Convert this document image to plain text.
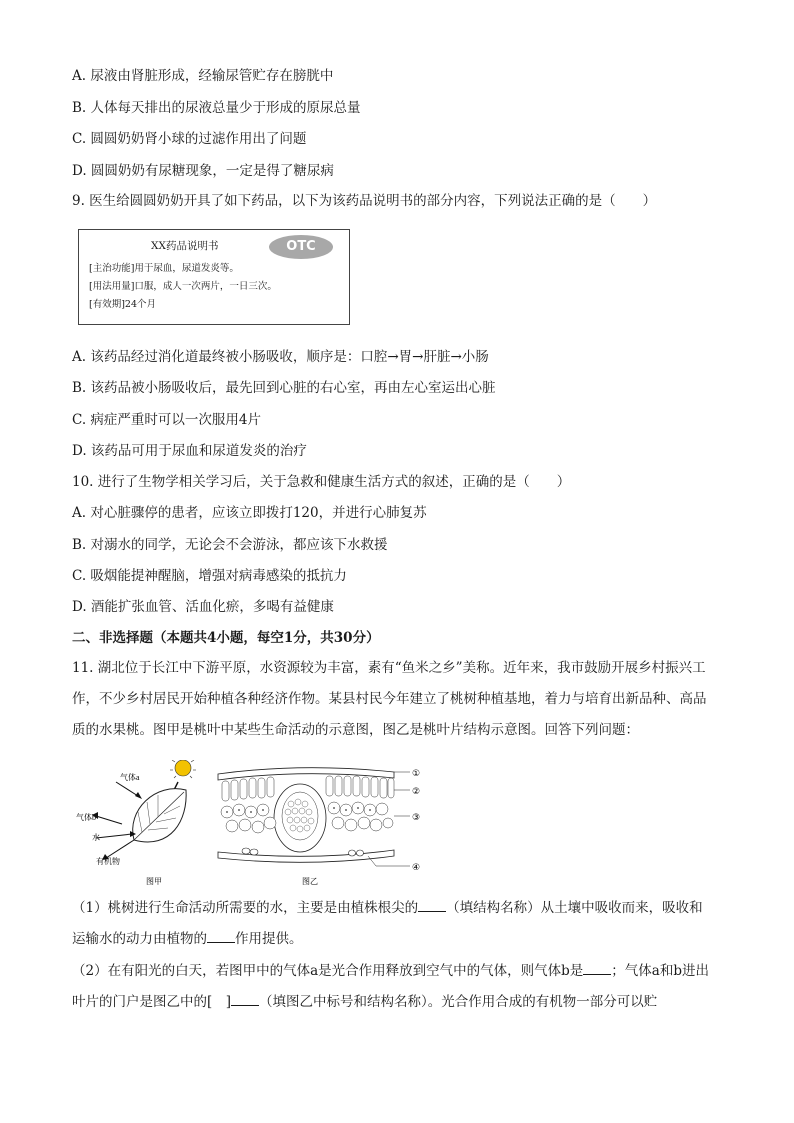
A. 尿液由肾脏形成，经输尿管贮存在膀胱中
B. 人体每天排出的尿液总量少于形成的原尿总量
C. 圆圆奶奶肾小球的过滤作用出了问题
D. 圆圆奶奶有尿糖现象，一定是得了糖尿病
9. 医生给圆圆奶奶开具了如下药品，以下为该药品说明书的部分内容，下列说法正确的是（　　）
XX药品说明书	OTC
[主治功能]用于尿血，尿道发炎等。
[用法用量]口服，成人一次两片，一日三次。
[有效期]24个月
A. 该药品经过消化道最终被小肠吸收，顺序是：口腔→胃→肝脏→小肠
B. 该药品被小肠吸收后，最先回到心脏的右心室，再由左心室运出心脏
C. 病症严重时可以一次服用4片
D. 该药品可用于尿血和尿道发炎的治疗
10. 进行了生物学相关学习后，关于急救和健康生活方式的叙述，正确的是（　　）
A. 对心脏骤停的患者，应该立即拨打120，并进行心肺复苏
B. 对溺水的同学，无论会不会游泳，都应该下水救援
C. 吸烟能提神醒脑，增强对病毒感染的抵抗力
D. 酒能扩张血管、活血化瘀，多喝有益健康
二、非选择题（本题共4小题，每空1分，共30分）
11. 湖北位于长江中下游平原，水资源较为丰富，素有“鱼米之乡”美称。近年来，我市鼓励开展乡村振兴工作，不少乡村居民开始种植各种经济作物。某县村民今年建立了桃树种植基地，着力与培育出新品种、高品质的水果桃。图甲是桃叶中某些生命活动的示意图，图乙是桃叶片结构示意图。回答下列问题：
气体a
气体b
水
有机物
图甲
①
②
③
④
图乙
（1）桃树进行生命活动所需要的水，主要是由植株根尖的 （填结构名称）从土壤中吸收而来，吸收和运输水的动力由植物的 作用提供。
（2）在有阳光的白天，若图甲中的气体a是光合作用释放到空气中的气体，则气体b是 ；气体a和b进出叶片的门户是图乙中的[　] （填图乙中标号和结构名称）。光合作用合成的有机物一部分可以贮
